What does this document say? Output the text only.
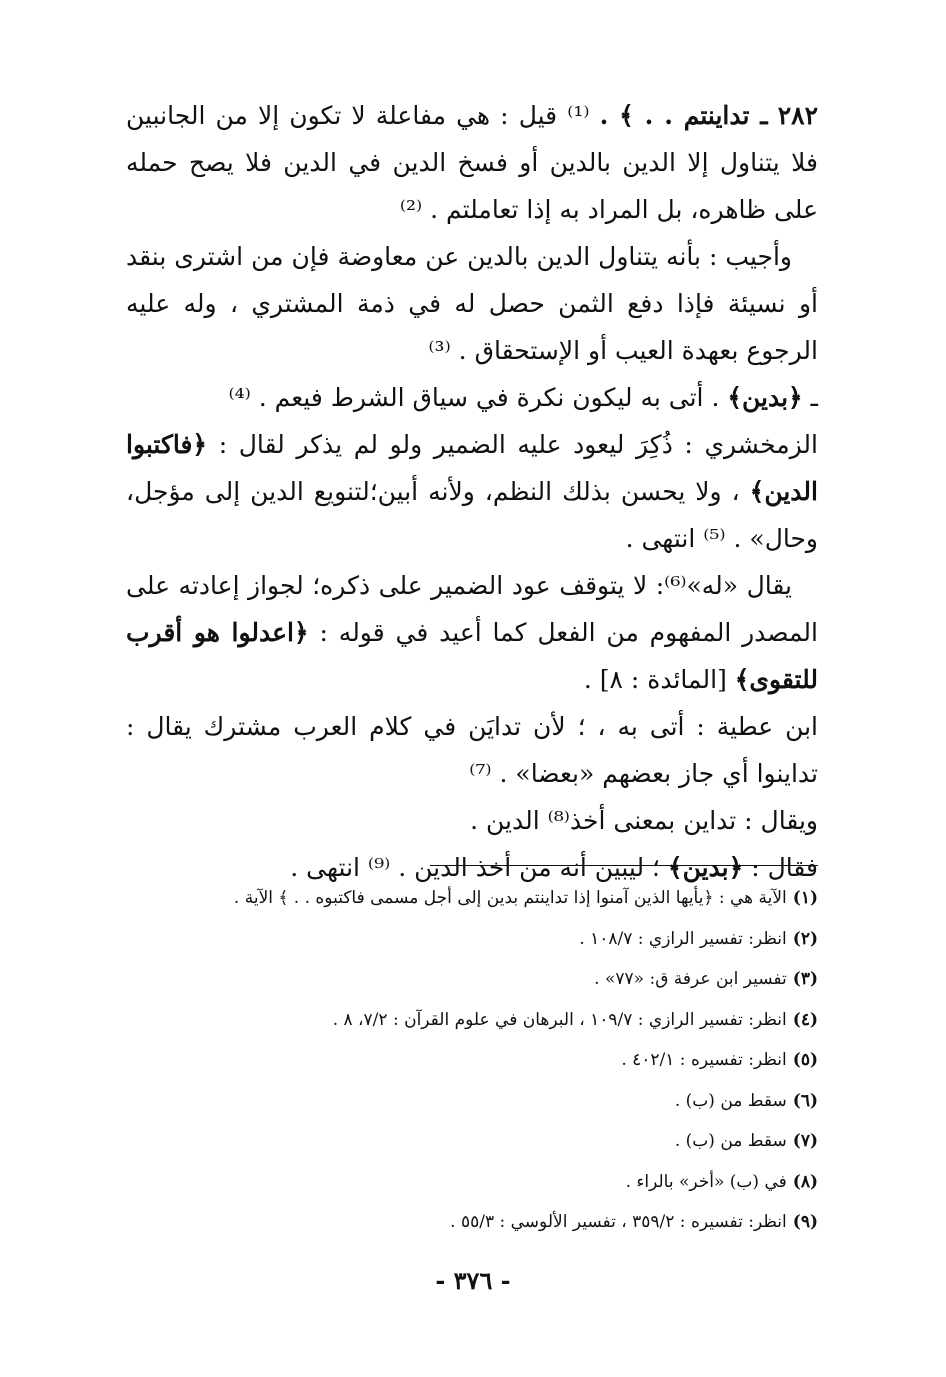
٢٨٢ ـ تداينتم . . ﴾ . ⁽¹⁾ قيل : هي مفاعلة لا تكون إلا من الجانبين فلا يتناول إلا الدين بالدين أو فسخ الدين في الدين فلا يصح حمله على ظاهره، بل المراد به إذا تعاملتم . ⁽²⁾

وأجيب : بأنه يتناول الدين بالدين عن معاوضة فإن من اشترى بنقد أو نسيئة فإذا دفع الثمن حصل له في ذمة المشتري ، وله عليه الرجوع بعهدة العيب أو الإستحقاق . ⁽³⁾

ـ ﴿بدين﴾ . أتى به ليكون نكرة في سياق الشرط فيعم . ⁽⁴⁾

الزمخشري : ذُكِرَ ليعود عليه الضمير ولو لم يذكر لقال : ﴿فاكتبوا الدين﴾ ، ولا يحسن بذلك النظم، ولأنه أبين؛لتنويع الدين إلى مؤجل، وحال» . ⁽⁵⁾ انتهى .

يقال «له»⁽⁶⁾: لا يتوقف عود الضمير على ذكره؛ لجواز إعادته على المصدر المفهوم من الفعل كما أعيد في قوله : ﴿اعدلوا هو أقرب للتقوى﴾ [المائدة : ٨] .

ابن عطية : أتى به ، ؛ لأن تدايَن في كلام العرب مشترك يقال : تداينوا أي جاز بعضهم «بعضا» . ⁽⁷⁾

ويقال : تداين بمعنى أخذ⁽⁸⁾ الدين .

فقال : ﴿بدين﴾ ؛ ليبين أنه من أخذ الدين . ⁽⁹⁾ انتهى .

(١)الآية هي : ﴿يأيها الذين آمنوا إذا تداينتم بدين إلى أجل مسمى فاكتبوه . . ﴾ الآية .

(٢)انظر: تفسير الرازي : ١٠٨/٧ .

(٣)تفسير ابن عرفة ق: «٧٧» .

(٤)انظر: تفسير الرازي : ١٠٩/٧ ، البرهان في علوم القرآن : ٧/٢، ٨ .

(٥)انظر: تفسيره : ٤٠٢/١ .

(٦)سقط من (ب) .

(٧)سقط من (ب) .

(٨)في (ب) «أخر» بالراء .

(٩)انظر: تفسيره : ٣٥٩/٢ ، تفسير الألوسي : ٥٥/٣ .

- ٣٧٦ -
